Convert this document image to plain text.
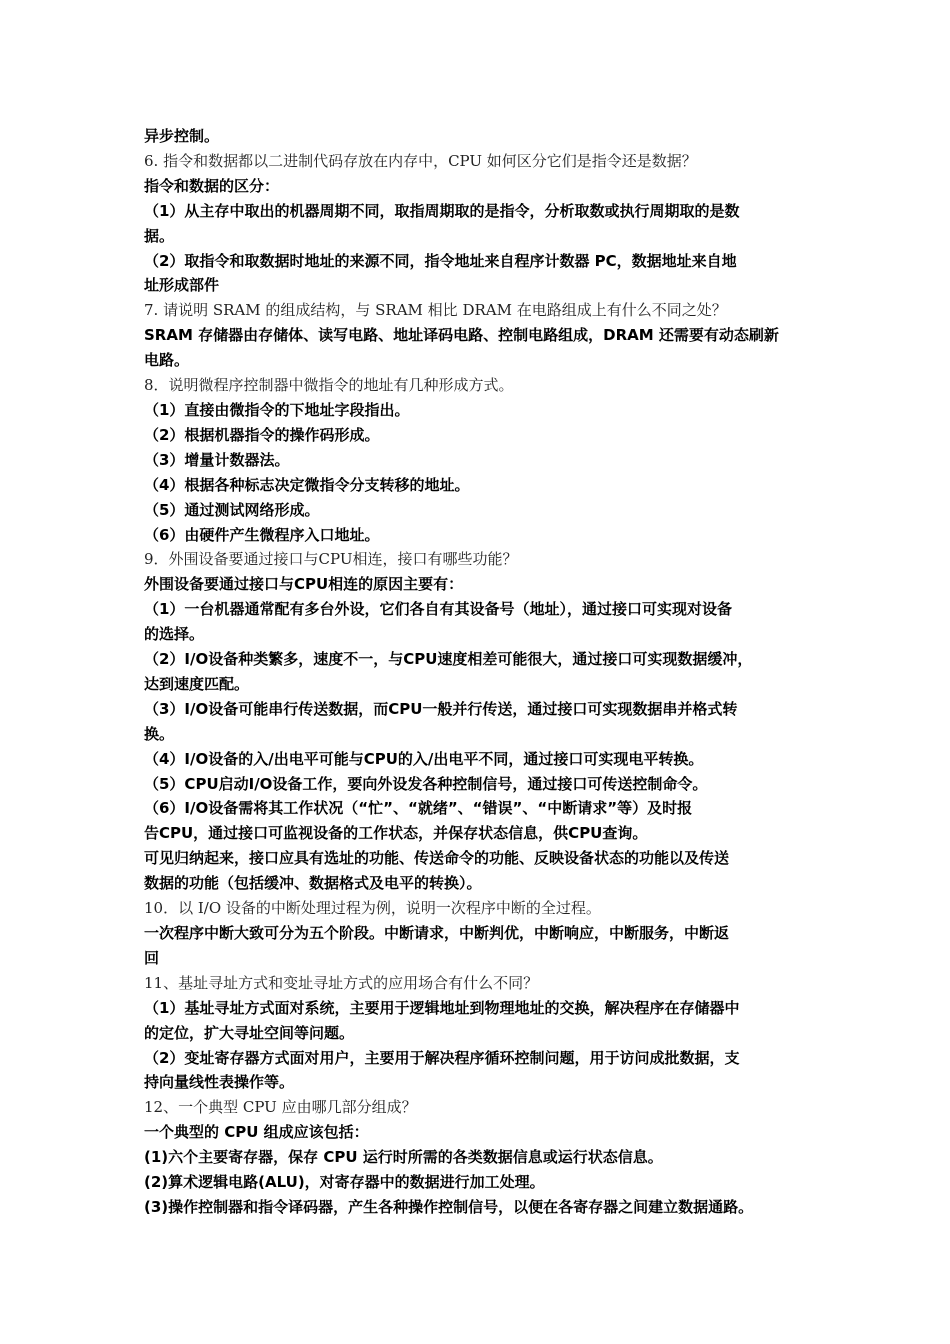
异步控制。
6. 指令和数据都以二进制代码存放在内存中，CPU 如何区分它们是指令还是数据？
指令和数据的区分：
（1）从主存中取出的机器周期不同，取指周期取的是指令，分析取数或执行周期取的是数
据。
（2）取指令和取数据时地址的来源不同，指令地址来自程序计数器 PC，数据地址来自地
址形成部件
7. 请说明 SRAM 的组成结构，与 SRAM 相比 DRAM 在电路组成上有什么不同之处？
SRAM 存储器由存储体、读写电路、地址译码电路、控制电路组成，DRAM 还需要有动态刷新
电路。
8．说明微程序控制器中微指令的地址有几种形成方式。
（1）直接由微指令的下地址字段指出。
（2）根据机器指令的操作码形成。
（3）增量计数器法。
（4）根据各种标志决定微指令分支转移的地址。
（5）通过测试网络形成。
（6）由硬件产生微程序入口地址。
9．外围设备要通过接口与CPU相连，接口有哪些功能？
外围设备要通过接口与CPU相连的原因主要有：
（1）一台机器通常配有多台外设，它们各自有其设备号（地址），通过接口可实现对设备
的选择。
（2）I/O设备种类繁多，速度不一，与CPU速度相差可能很大，通过接口可实现数据缓冲，
达到速度匹配。
（3）I/O设备可能串行传送数据，而CPU一般并行传送，通过接口可实现数据串并格式转
换。
（4）I/O设备的入/出电平可能与CPU的入/出电平不同，通过接口可实现电平转换。
（5）CPU启动I/O设备工作，要向外设发各种控制信号，通过接口可传送控制命令。
（6）I/O设备需将其工作状况（“忙”、“就绪”、“错误”、“中断请求”等）及时报
告CPU，通过接口可监视设备的工作状态，并保存状态信息，供CPU查询。
可见归纳起来，接口应具有选址的功能、传送命令的功能、反映设备状态的功能以及传送
数据的功能（包括缓冲、数据格式及电平的转换）。
10．以 I/O 设备的中断处理过程为例，说明一次程序中断的全过程。
一次程序中断大致可分为五个阶段。中断请求，中断判优，中断响应，中断服务，中断返
回
11、基址寻址方式和变址寻址方式的应用场合有什么不同？
（1）基址寻址方式面对系统，主要用于逻辑地址到物理地址的交换，解决程序在存储器中
的定位，扩大寻址空间等问题。
（2）变址寄存器方式面对用户，主要用于解决程序循环控制问题，用于访问成批数据，支
持向量线性表操作等。
12、一个典型 CPU 应由哪几部分组成？
一个典型的 CPU 组成应该包括：
(1)六个主要寄存器，保存 CPU 运行时所需的各类数据信息或运行状态信息。
(2)算术逻辑电路(ALU)，对寄存器中的数据进行加工处理。
(3)操作控制器和指令译码器，产生各种操作控制信号，以便在各寄存器之间建立数据通路。
